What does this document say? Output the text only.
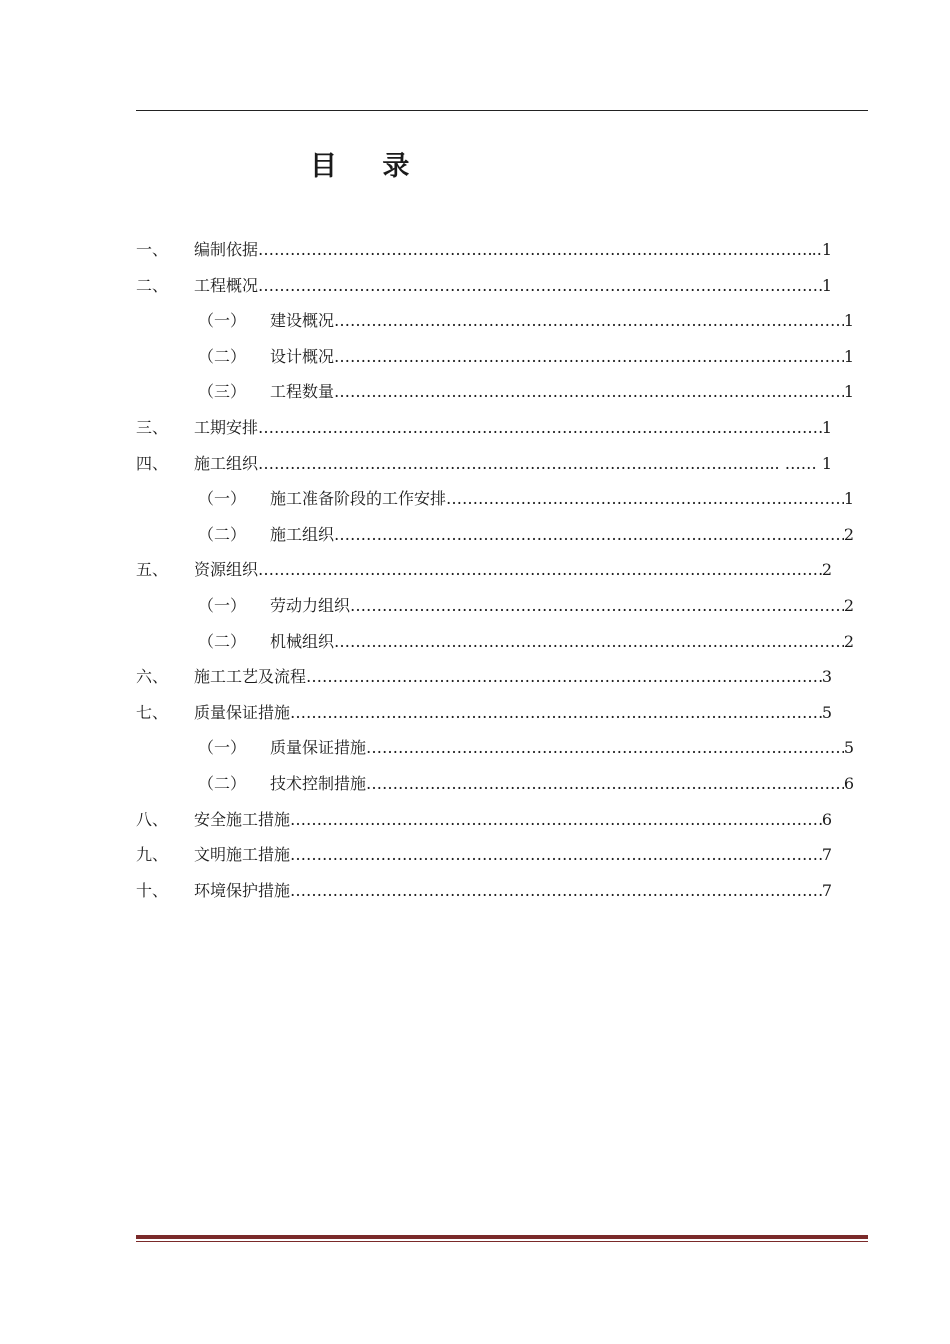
目 录
一、 编制依据 ……………………………………………………………………………………………………………………………………………………………………	..1
二、 工程概况 ……………………………………………………………………………………………………………………………………………………………………	1
（一） 建设概况 ……………………………………………………………………………………………………………………………………………………………………	1
（二） 设计概况 ……………………………………………………………………………………………………………………………………………………………………	1
（三） 工程数量 ……………………………………………………………………………………………………………………………………………………………………	1
三、 工期安排 ……………………………………………………………………………………………………………………………………………………………………	1
四、 施工组织 ……………………………………………………………………………………………………………………………………………………………………	.. …… 1
（一） 施工准备阶段的工作安排 ……………………………………………………………………………………………………………………………………………………………………	1
（二） 施工组织 ……………………………………………………………………………………………………………………………………………………………………	2
五、 资源组织 ……………………………………………………………………………………………………………………………………………………………………	2
（一） 劳动力组织 ……………………………………………………………………………………………………………………………………………………………………	2
（二） 机械组织 ……………………………………………………………………………………………………………………………………………………………………	2
六、 施工工艺及流程 ……………………………………………………………………………………………………………………………………………………………………	3
七、 质量保证措施 ……………………………………………………………………………………………………………………………………………………………………	5
（一） 质量保证措施 ……………………………………………………………………………………………………………………………………………………………………	5
（二） 技术控制措施 ……………………………………………………………………………………………………………………………………………………………………	6
八、 安全施工措施 ……………………………………………………………………………………………………………………………………………………………………	6
九、 文明施工措施 ……………………………………………………………………………………………………………………………………………………………………	7
十、 环境保护措施 ……………………………………………………………………………………………………………………………………………………………………	7
